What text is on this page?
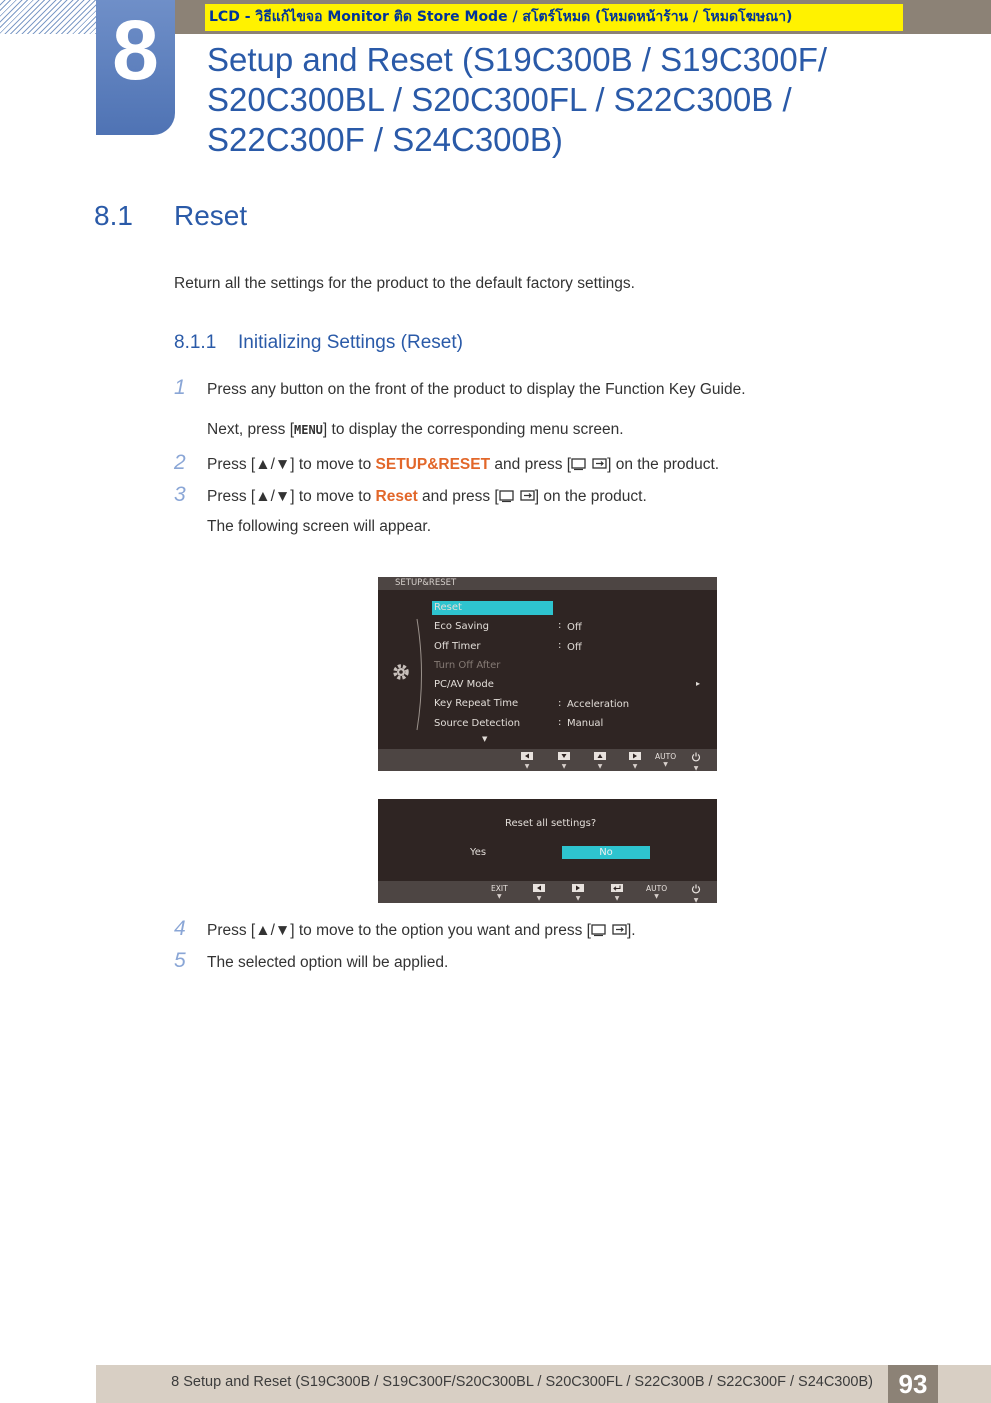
LCD - วิธีแก้ไขจอ Monitor ติด Store Mode / สโตร์โหมด (โหมดหน้าร้าน / โหมดโฆษณา)
8	Setup and Reset (S19C300B / S19C300F/
S20C300BL / S20C300FL / S22C300B /
S22C300F / S24C300B)
8.1 Reset
Return all the settings for the product to the default factory settings.
8.1.1 Initializing Settings (Reset)
1 Press any button on the front of the product to display the Function Key Guide.
Next, press [MENU] to display the corresponding menu screen.
2 Press [▲/▼] to move to SETUP&RESET and press [ ] on the product.
3 Press [▲/▼] to move to Reset and press [ ] on the product.
The following screen will appear.
SETUP&RESET
Reset
Eco Saving	: Off
Off Timer	: Off
Turn Off After
PC/AV Mode	▸
Key Repeat Time	: Acceleration
Source Detection	: Manual
▼
▼	▼	▼	▼
AUTO
▼
▼
Reset all settings?
Yes	No
EXIT
▼	▼	▼	▼
AUTO
▼
▼
4 Press [▲/▼] to move to the option you want and press [ ].
5 The selected option will be applied.
8 Setup and Reset (S19C300B / S19C300F/S20C300BL / S20C300FL / S22C300B / S22C300F / S24C300B) 93
